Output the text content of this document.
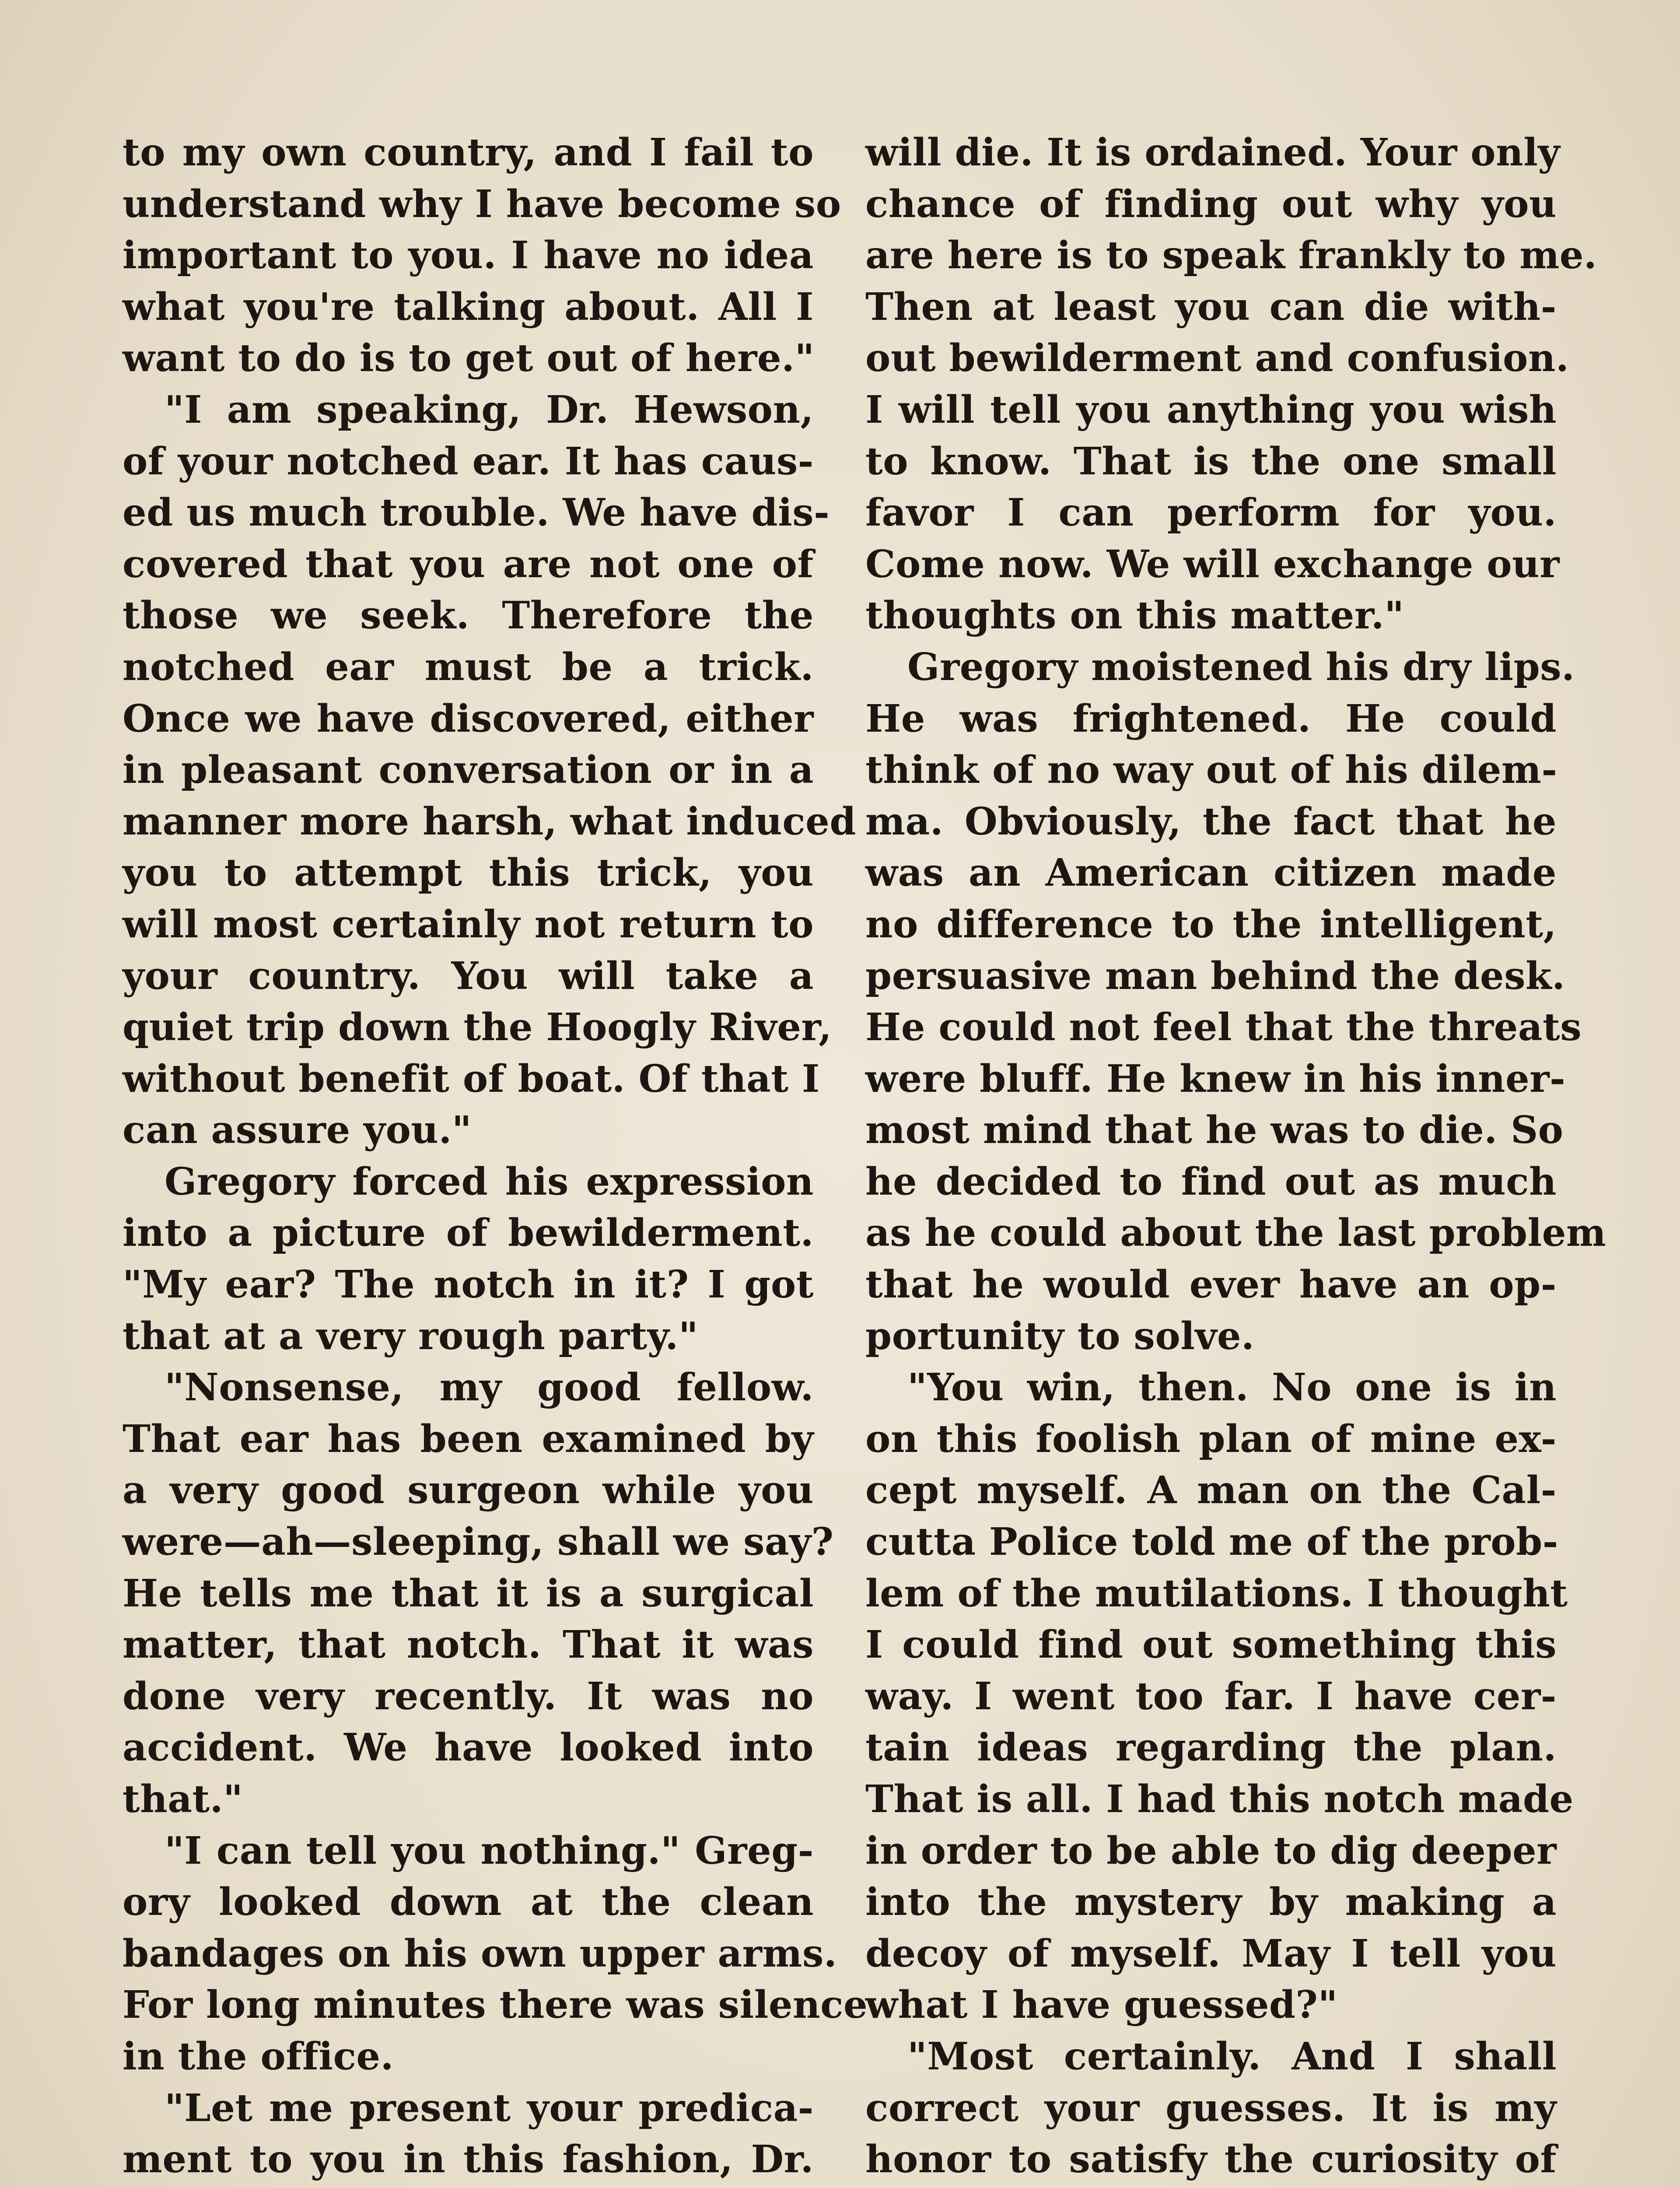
to my own country, and I fail to
understand why I have become so
important to you. I have no idea
what you're talking about. All I
want to do is to get out of here."
"I am speaking, Dr. Hewson,
of your notched ear. It has caus-
ed us much trouble. We have dis-
covered that you are not one of
those we seek. Therefore the
notched ear must be a trick.
Once we have discovered, either
in pleasant conversation or in a
manner more harsh, what induced
you to attempt this trick, you
will most certainly not return to
your country. You will take a
quiet trip down the Hoogly River,
without benefit of boat. Of that I
can assure you."
Gregory forced his expression
into a picture of bewilderment.
"My ear? The notch in it? I got
that at a very rough party."
"Nonsense, my good fellow.
That ear has been examined by
a very good surgeon while you
were—ah—sleeping, shall we say?
He tells me that it is a surgical
matter, that notch. That it was
done very recently. It was no
accident. We have looked into
that."
"I can tell you nothing." Greg-
ory looked down at the clean
bandages on his own upper arms.
For long minutes there was silence
in the office.
"Let me present your predica-
ment to you in this fashion, Dr.
will die. It is ordained. Your only
chance of finding out why you
are here is to speak frankly to me.
Then at least you can die with-
out bewilderment and confusion.
I will tell you anything you wish
to know. That is the one small
favor I can perform for you.
Come now. We will exchange our
thoughts on this matter."
Gregory moistened his dry lips.
He was frightened. He could
think of no way out of his dilem-
ma. Obviously, the fact that he
was an American citizen made
no difference to the intelligent,
persuasive man behind the desk.
He could not feel that the threats
were bluff. He knew in his inner-
most mind that he was to die. So
he decided to find out as much
as he could about the last problem
that he would ever have an op-
portunity to solve.
"You win, then. No one is in
on this foolish plan of mine ex-
cept myself. A man on the Cal-
cutta Police told me of the prob-
lem of the mutilations. I thought
I could find out something this
way. I went too far. I have cer-
tain ideas regarding the plan.
That is all. I had this notch made
in order to be able to dig deeper
into the mystery by making a
decoy of myself. May I tell you
what I have guessed?"
"Most certainly. And I shall
correct your guesses. It is my
honor to satisfy the curiosity of
